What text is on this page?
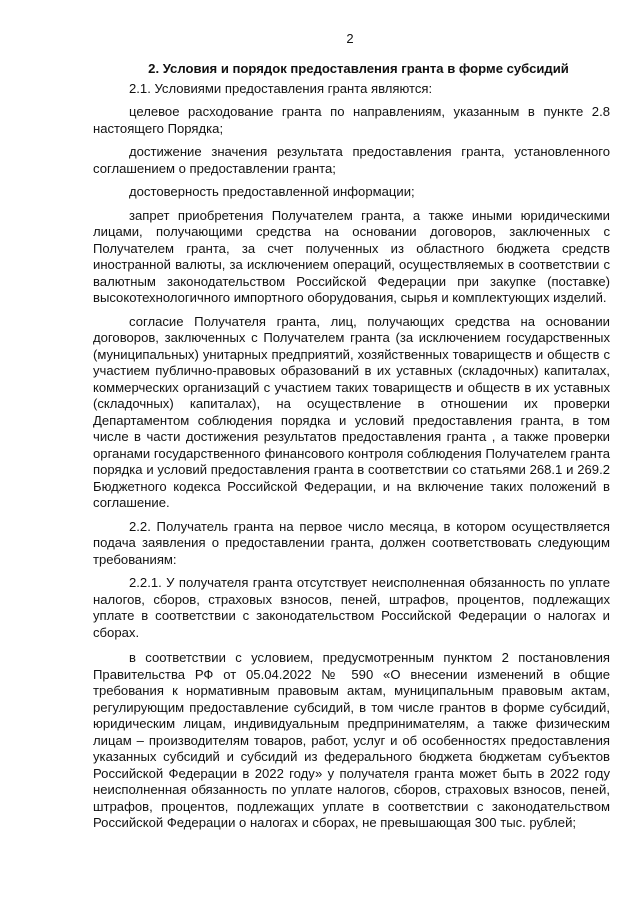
2
2. Условия и порядок предоставления гранта в форме субсидий

2.1. Условиями предоставления гранта являются:

целевое расходование гранта по направлениям, указанным в пункте 2.8 настоящего Порядка;

достижение значения результата предоставления гранта, установленного соглашением о предоставлении гранта;

достоверность предоставленной информации;

запрет приобретения Получателем гранта, а также иными юридическими лицами, получающими средства на основании договоров, заключенных с Получателем гранта, за счет полученных из областного бюджета средств иностранной валюты, за исключением операций, осуществляемых в соответствии с валютным законодательством Российской Федерации при закупке (поставке) высокотехнологичного импортного оборудования, сырья и комплектующих изделий.

согласие Получателя гранта, лиц, получающих средства на основании договоров, заключенных с Получателем гранта (за исключением государственных (муниципальных) унитарных предприятий, хозяйственных товариществ и обществ с участием публично-правовых образований в их уставных (складочных) капиталах, коммерческих организаций с участием таких товариществ и обществ в их уставных (складочных) капиталах), на осуществление в отношении их проверки Департаментом соблюдения порядка и условий предоставления гранта, в том числе в части достижения результатов предоставления гранта , а также проверки органами государственного финансового контроля соблюдения Получателем гранта порядка и условий предоставления гранта в соответствии со статьями 268.1 и 269.2 Бюджетного кодекса Российской Федерации, и на включение таких положений в соглашение.

2.2. Получатель гранта на первое число месяца, в котором осуществляется подача заявления о предоставлении гранта, должен соответствовать следующим требованиям:

2.2.1. У получателя гранта отсутствует неисполненная обязанность по уплате налогов, сборов, страховых взносов, пеней, штрафов, процентов, подлежащих уплате в соответствии с законодательством Российской Федерации о налогах и сборах.

в соответствии с условием, предусмотренным пунктом 2 постановления Правительства РФ от 05.04.2022 № 590 «О внесении изменений в общие требования к нормативным правовым актам, муниципальным правовым актам, регулирующим предоставление субсидий, в том числе грантов в форме субсидий, юридическим лицам, индивидуальным предпринимателям, а также физическим лицам – производителям товаров, работ, услуг и об особенностях предоставления указанных субсидий и субсидий из федерального бюджета бюджетам субъектов Российской Федерации в 2022 году» у получателя гранта может быть в 2022 году неисполненная обязанность по уплате налогов, сборов, страховых взносов, пеней, штрафов, процентов, подлежащих уплате в соответствии с законодательством Российской Федерации о налогах и сборах, не превышающая 300 тыс. рублей;
